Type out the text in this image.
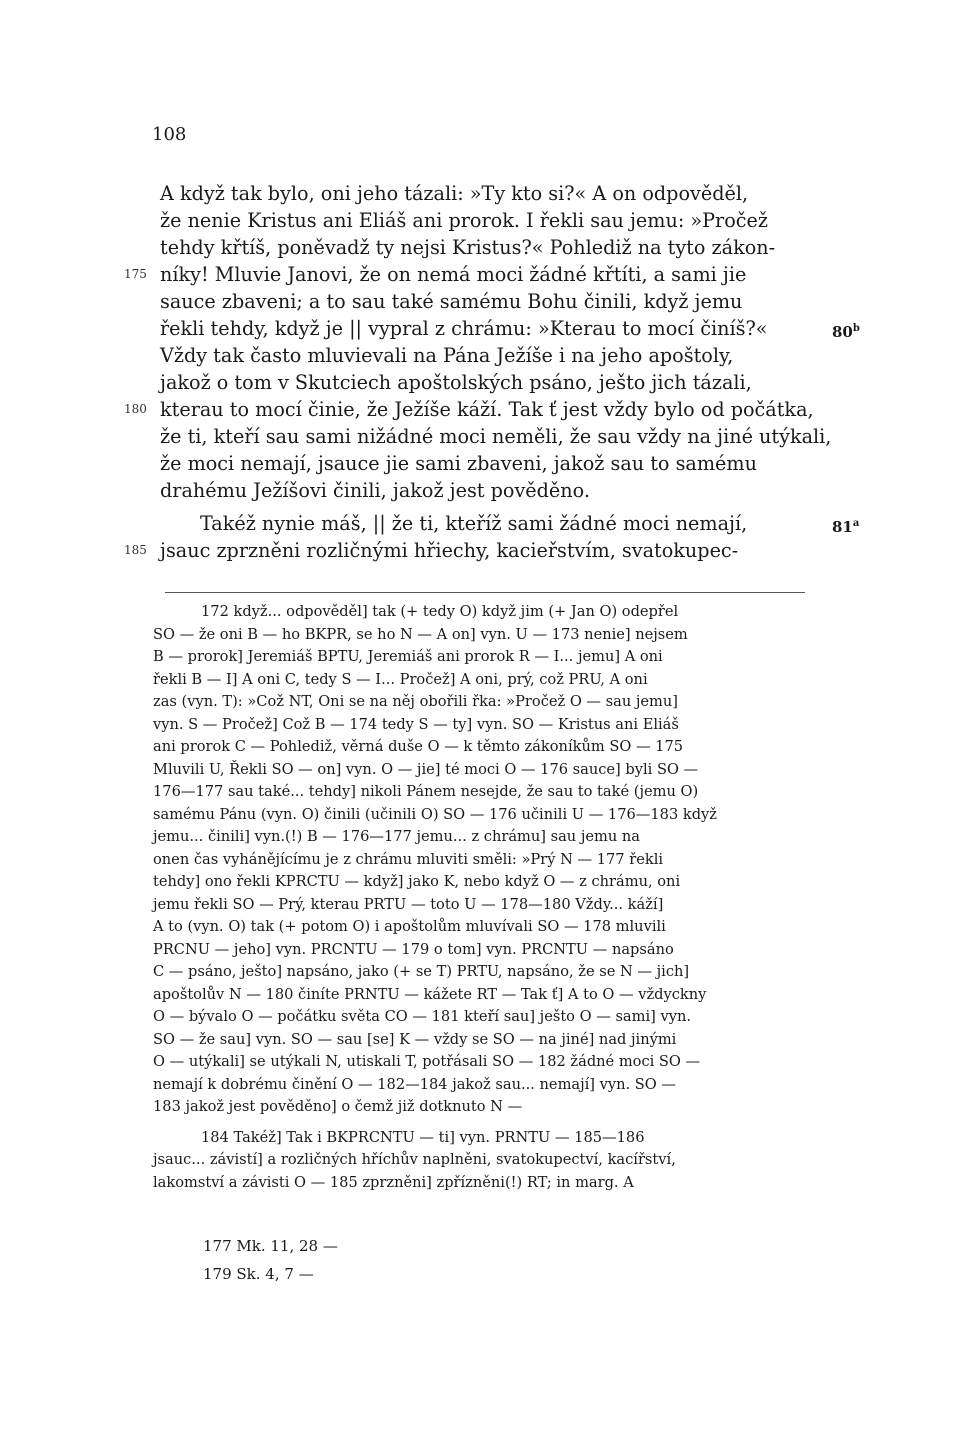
108
A když tak bylo, oni jeho tázali: »Ty kto si?« A on odpověděl,
že nenie Kristus ani Eliáš ani prorok. I řekli sau jemu: »Pročež
tehdy křtíš, poněvadž ty nejsi Kristus?« Pohlediž na tyto zákon-
175 níky! Mluvie Janovi, že on nemá moci žádné křtíti, a sami jie
sauce zbaveni; a to sau také samému Bohu činili, když jemu
řekli tehdy, když je || vypral z chrámu: »Kterau to mocí činíš?«	80$^b$
Vždy tak často mluvievali na Pána Ježíše i na jeho apoštoly,
jakož o tom v Skutciech apoštolských psáno, ješto jich tázali,
180 kterau to mocí činie, že Ježíše káží. Tak ť jest vždy bylo od počátka,
že ti, kteří sau sami nižádné moci neměli, že sau vždy na jiné utýkali,
že moci nemají, jsauce jie sami zbaveni, jakož sau to samému
drahému Ježíšovi činili, jakož jest pověděno.
Takéž nynie máš, || že ti, kteříž sami žádné moci nemají,	81$^a$
185 jsauc zprzněni rozličnými hřiechy, kacieřstvím, svatokupec-
172 když... odpověděl] tak (+ tedy O) když jim (+ Jan O) odepřel
SO — že oni B — ho BKPR, se ho N — A on] vyn. U — 173 nenie] nejsem
B — prorok] Jeremiáš BPTU, Jeremiáš ani prorok R — I... jemu] A oni
řekli B — I] A oni C, tedy S — I... Pročež] A oni, prý, což PRU, A oni
zas (vyn. T): »Což NT, Oni se na něj obořili řka: »Pročež O — sau jemu]
vyn. S — Pročež] Což B — 174 tedy S — ty] vyn. SO — Kristus ani Eliáš
ani prorok C — Pohlediž, věrná duše O — k těmto zákoníkům SO — 175
Mluvili U, Řekli SO — on] vyn. O — jie] té moci O — 176 sauce] byli SO —
176—177 sau také... tehdy] nikoli Pánem nesejde, že sau to také (jemu O)
samému Pánu (vyn. O) činili (učinili O) SO — 176 učinili U — 176—183 když
jemu... činili] vyn.(!) B — 176—177 jemu... z chrámu] sau jemu na
onen čas vyháněјícímu je z chrámu mluviti směli: »Prý N — 177 řekli
tehdy] ono řekli KPRCTU — když] jako K, nebo když O — z chrámu, oni
jemu řekli SO — Prý, kterau PRTU — toto U — 178—180 Vždy... káží]
A to (vyn. O) tak (+ potom O) i apoštolům mluvívali SO — 178 mluvili
PRCNU — jeho] vyn. PRCNTU — 179 o tom] vyn. PRCNTU — napsáno
C — psáno, ješto] napsáno, jako (+ se T) PRTU, napsáno, že se N — jich]
apoštolův N — 180 činíte PRNTU — kážete RT — Tak ť] A to O — vždyckny
O — bývalo O — počátku světa CO — 181 kteří sau] ješto O — sami] vyn.
SO — že sau] vyn. SO — sau [se] K — vždy se SO — na jiné] nad jinými
O — utýkali] se utýkali N, utiskali T, potřásali SO — 182 žádné moci SO —
nemají k dobrému činění O — 182—184 jakož sau... nemají] vyn. SO —
183 jakož jest pověděno] o čemž již dotknuto N —
184 Takéž] Tak i BKPRCNTU — ti] vyn. PRNTU — 185—186
jsauc... závistí] a rozličných hříchův naplněni, svatokupectví, kacířství,
lakomství a závisti O — 185 zprzněni] zpřízněni(!) RT; in marg. A
177 Mk. 11, 28 —
179 Sk. 4, 7 —
